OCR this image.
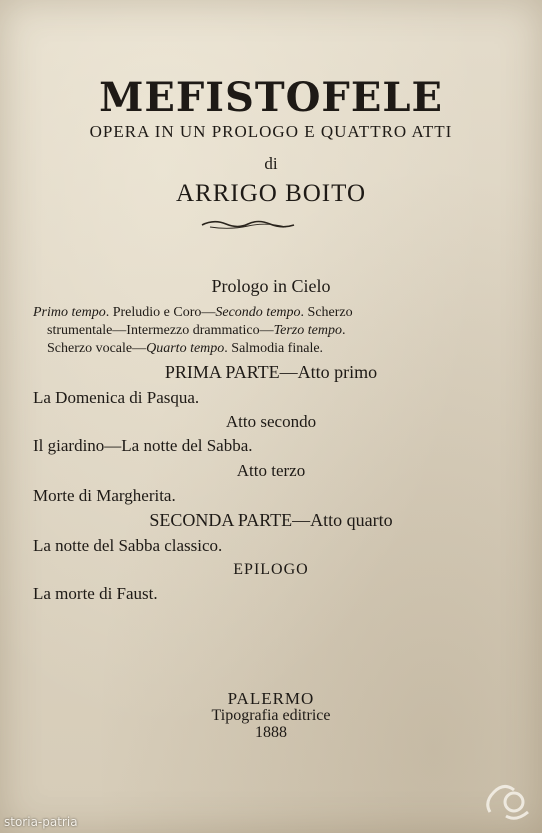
MEFISTOFELE
OPERA IN UN PROLOGO E QUATTRO ATTI
di
ARRIGO BOITO
Prologo in Cielo
Primo tempo. Preludio e Coro—Secondo tempo. Scherzo
strumentale—Intermezzo drammatico—Terzo tempo.
Scherzo vocale—Quarto tempo. Salmodia finale.
PRIMA PARTE—Atto primo
La Domenica di Pasqua.
Atto secondo
Il giardino—La notte del Sabba.
Atto terzo
Morte di Margherita.
SECONDA PARTE—Atto quarto
La notte del Sabba classico.
EPILOGO
La morte di Faust.
PALERMO
Tipografia editrice
1888
storia-patria
